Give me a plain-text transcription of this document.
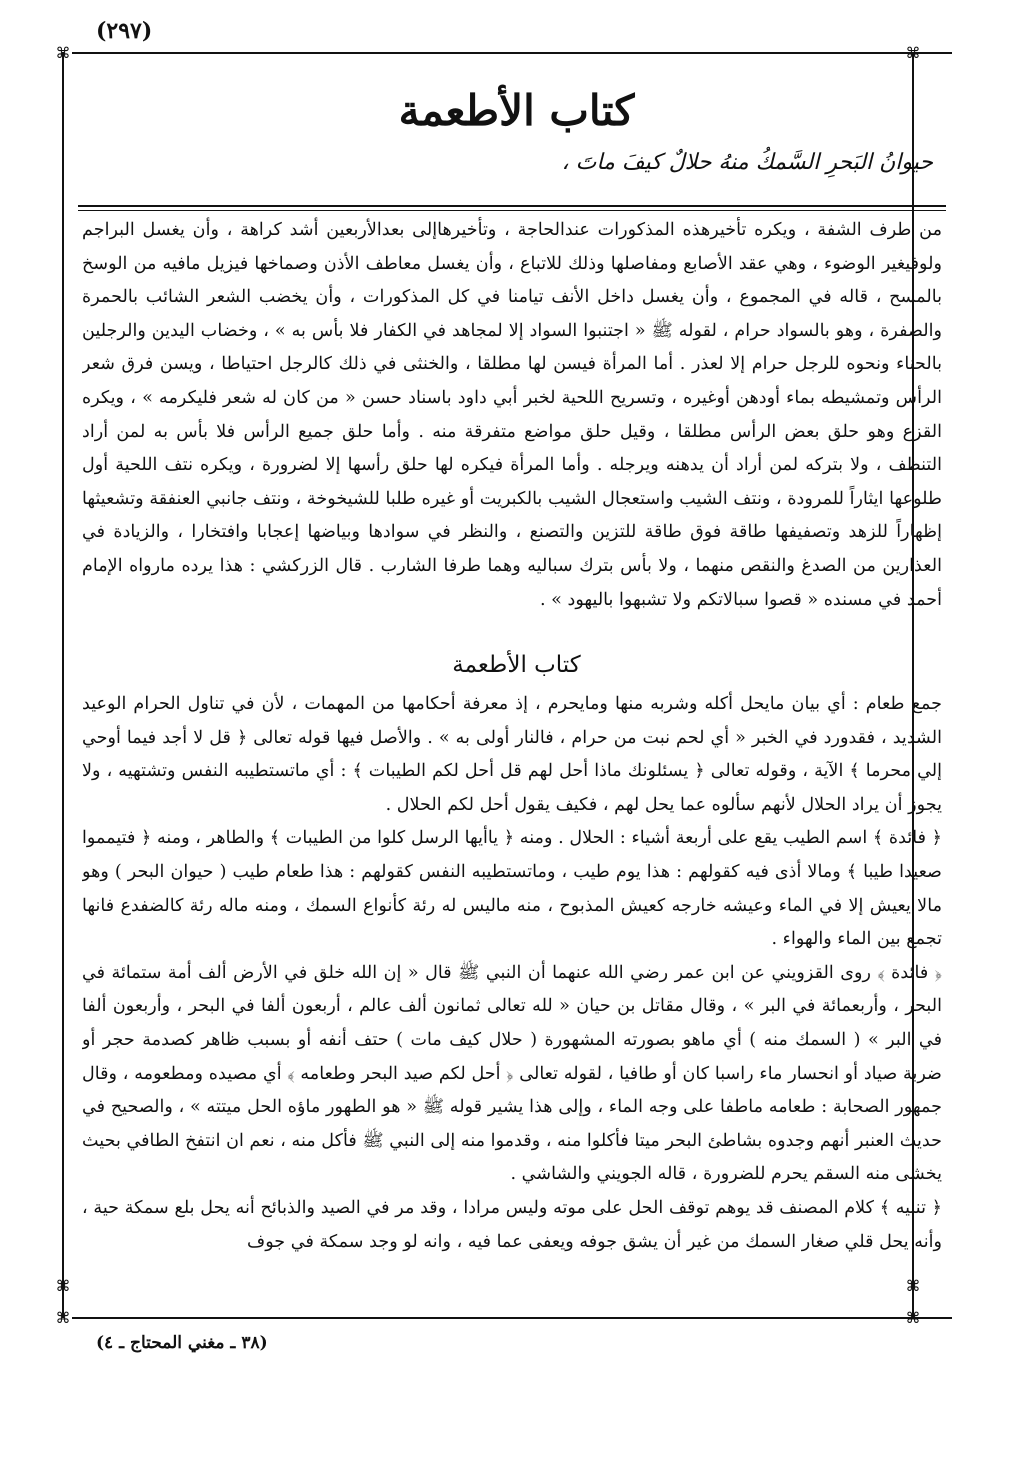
(٢٩٧)
⌘	⌘
⌘	⌘
⌘	⌘
كتاب الأطعمة
حيوانُ البَحرِ السَّمكُ منهُ حلالٌ كيفَ ماتَ ،

من طرف الشفة ، ويكره تأخيرهذه المذكورات عندالحاجة ، وتأخيرهاإلى بعدالأربعين أشد كراهة ، وأن يغسل البراجم ولوفيغير الوضوء ، وهي عقد الأصابع ومفاصلها وذلك للاتباع ، وأن يغسل معاطف الأذن وصماخها فيزيل مافيه من الوسخ بالمسح ، قاله في المجموع ، وأن يغسل داخل الأنف تيامنا في كل المذكورات ، وأن يخضب الشعر الشائب بالحمرة والصفرة ، وهو بالسواد حرام ، لقوله ﷺ « اجتنبوا السواد إلا لمجاهد في الكفار فلا بأس به » ، وخضاب اليدين والرجلين بالحناء ونحوه للرجل حرام إلا لعذر . أما المرأة فيسن لها مطلقا ، والخنثى في ذلك كالرجل احتياطا ، ويسن فرق شعر الرأس وتمشيطه بماء أودهن أوغيره ، وتسريح اللحية لخبر أبي داود باسناد حسن « من كان له شعر فليكرمه » ، ويكره القزع وهو حلق بعض الرأس مطلقا ، وقيل حلق مواضع متفرقة منه . وأما حلق جميع الرأس فلا بأس به لمن أراد التنظف ، ولا بتركه لمن أراد أن يدهنه ويرجله . وأما المرأة فيكره لها حلق رأسها إلا لضرورة ، ويكره نتف اللحية أول طلوعها ايثاراً للمرودة ، ونتف الشيب واستعجال الشيب بالكبريت أو غيره طلبا للشيخوخة ، ونتف جانبي العنفقة وتشعيثها إظهاراً للزهد وتصفيفها طاقة فوق طاقة للتزين والتصنع ، والنظر في سوادها وبياضها إعجابا وافتخارا ، والزيادة في العذارين من الصدغ والنقص منهما ، ولا بأس بترك سباليه وهما طرفا الشارب . قال الزركشي : هذا يرده مارواه الإمام أحمد في مسنده « قصوا سبالاتكم ولا تشبهوا باليهود » .

كتاب الأطعمة

جمع طعام : أي بيان مايحل أكله وشربه منها ومايحرم ، إذ معرفة أحكامها من المهمات ، لأن في تناول الحرام الوعيد الشديد ، فقدورد في الخبر « أي لحم نبت من حرام ، فالنار أولى به » . والأصل فيها قوله تعالى ﴿ قل لا أجد فيما أوحي إلي محرما ﴾ الآية ، وقوله تعالى ﴿ يسئلونك ماذا أحل لهم قل أحل لكم الطيبات ﴾ : أي ماتستطيبه النفس وتشتهيه ، ولا يجوز أن يراد الحلال لأنهم سألوه عما يحل لهم ، فكيف يقول أحل لكم الحلال .

﴿ فائدة ﴾ اسم الطيب يقع على أربعة أشياء : الحلال . ومنه ﴿ ياأيها الرسل كلوا من الطيبات ﴾ والطاهر ، ومنه ﴿ فتيمموا صعيدا طيبا ﴾ ومالا أذى فيه كقولهم : هذا يوم طيب ، وماتستطيبه النفس كقولهم : هذا طعام طيب ( حيوان البحر ) وهو مالا يعيش إلا في الماء وعيشه خارجه كعيش المذبوح ، منه ماليس له رئة كأنواع السمك ، ومنه ماله رئة كالضفدع فانها تجمع بين الماء والهواء .

﴿ فائدة ﴾ روى القزويني عن ابن عمر رضي الله عنهما أن النبي ﷺ قال « إن الله خلق في الأرض ألف أمة ستمائة في البحر ، وأربعمائة في البر » ، وقال مقاتل بن حيان « لله تعالى ثمانون ألف عالم ، أربعون ألفا في البحر ، وأربعون ألفا في البر » ( السمك منه ) أي ماهو بصورته المشهورة ( حلال كيف مات ) حتف أنفه أو بسبب ظاهر كصدمة حجر أو ضربة صياد أو انحسار ماء راسبا كان أو طافيا ، لقوله تعالى ﴿ أحل لكم صيد البحر وطعامه ﴾ أي مصيده ومطعومه ، وقال جمهور الصحابة : طعامه ماطفا على وجه الماء ، وإلى هذا يشير قوله ﷺ « هو الطهور ماؤه الحل ميتته » ، والصحيح في حديث العنبر أنهم وجدوه بشاطئ البحر ميتا فأكلوا منه ، وقدموا منه إلى النبي ﷺ فأكل منه ، نعم ان انتفخ الطافي بحيث يخشى منه السقم يحرم للضرورة ، قاله الجويني والشاشي .

﴿ تنبيه ﴾ كلام المصنف قد يوهم توقف الحل على موته وليس مرادا ، وقد مر في الصيد والذبائح أنه يحل بلع سمكة حية ، وأنه يحل قلي صغار السمك من غير أن يشق جوفه ويعفى عما فيه ، وانه لو وجد سمكة في جوف

(٣٨ ـ مغني المحتاج ـ ٤)
